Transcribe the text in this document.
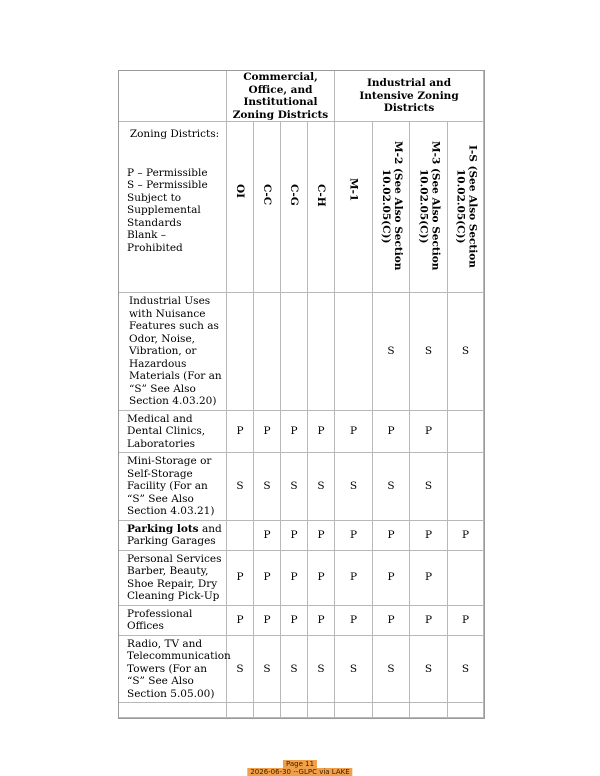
	Commercial, Office, and Institutional Zoning Districts				Industrial and Intensive Zoning Districts			

Zoning Districts:
P – Permissible
S – Permissible Subject to Supplemental Standards
Blank – Prohibited	OI	C-C	C-G	C-H	M-1	M-2 (See Also Section 10.02.05(C))	M-3 (See Also Section 10.02.05(C))	I-S (See Also Section 10.02.05(C))
Industrial Uses with Nuisance Features such as Odor, Noise, Vibration, or Hazardous Materials (For an “S” See Also Section 4.03.20)						S	S	S
Medical and Dental Clinics, Laboratories	P	P	P	P	P	P	P	
Mini-Storage or Self-Storage Facility (For an “S” See Also Section 4.03.21)	S	S	S	S	S	S	S	
Parking lots and Parking Garages		P	P	P	P	P	P	P
Personal Services Barber, Beauty, Shoe Repair, Dry Cleaning Pick-Up	P	P	P	P	P	P	P	
Professional Offices	P	P	P	P	P	P	P	P
Radio, TV and Telecommunication Towers (For an “S” See Also Section 5.05.00)	S	S	S	S	S	S	S	S

Page 11
2026-06-30 --GLPC via LAKE
